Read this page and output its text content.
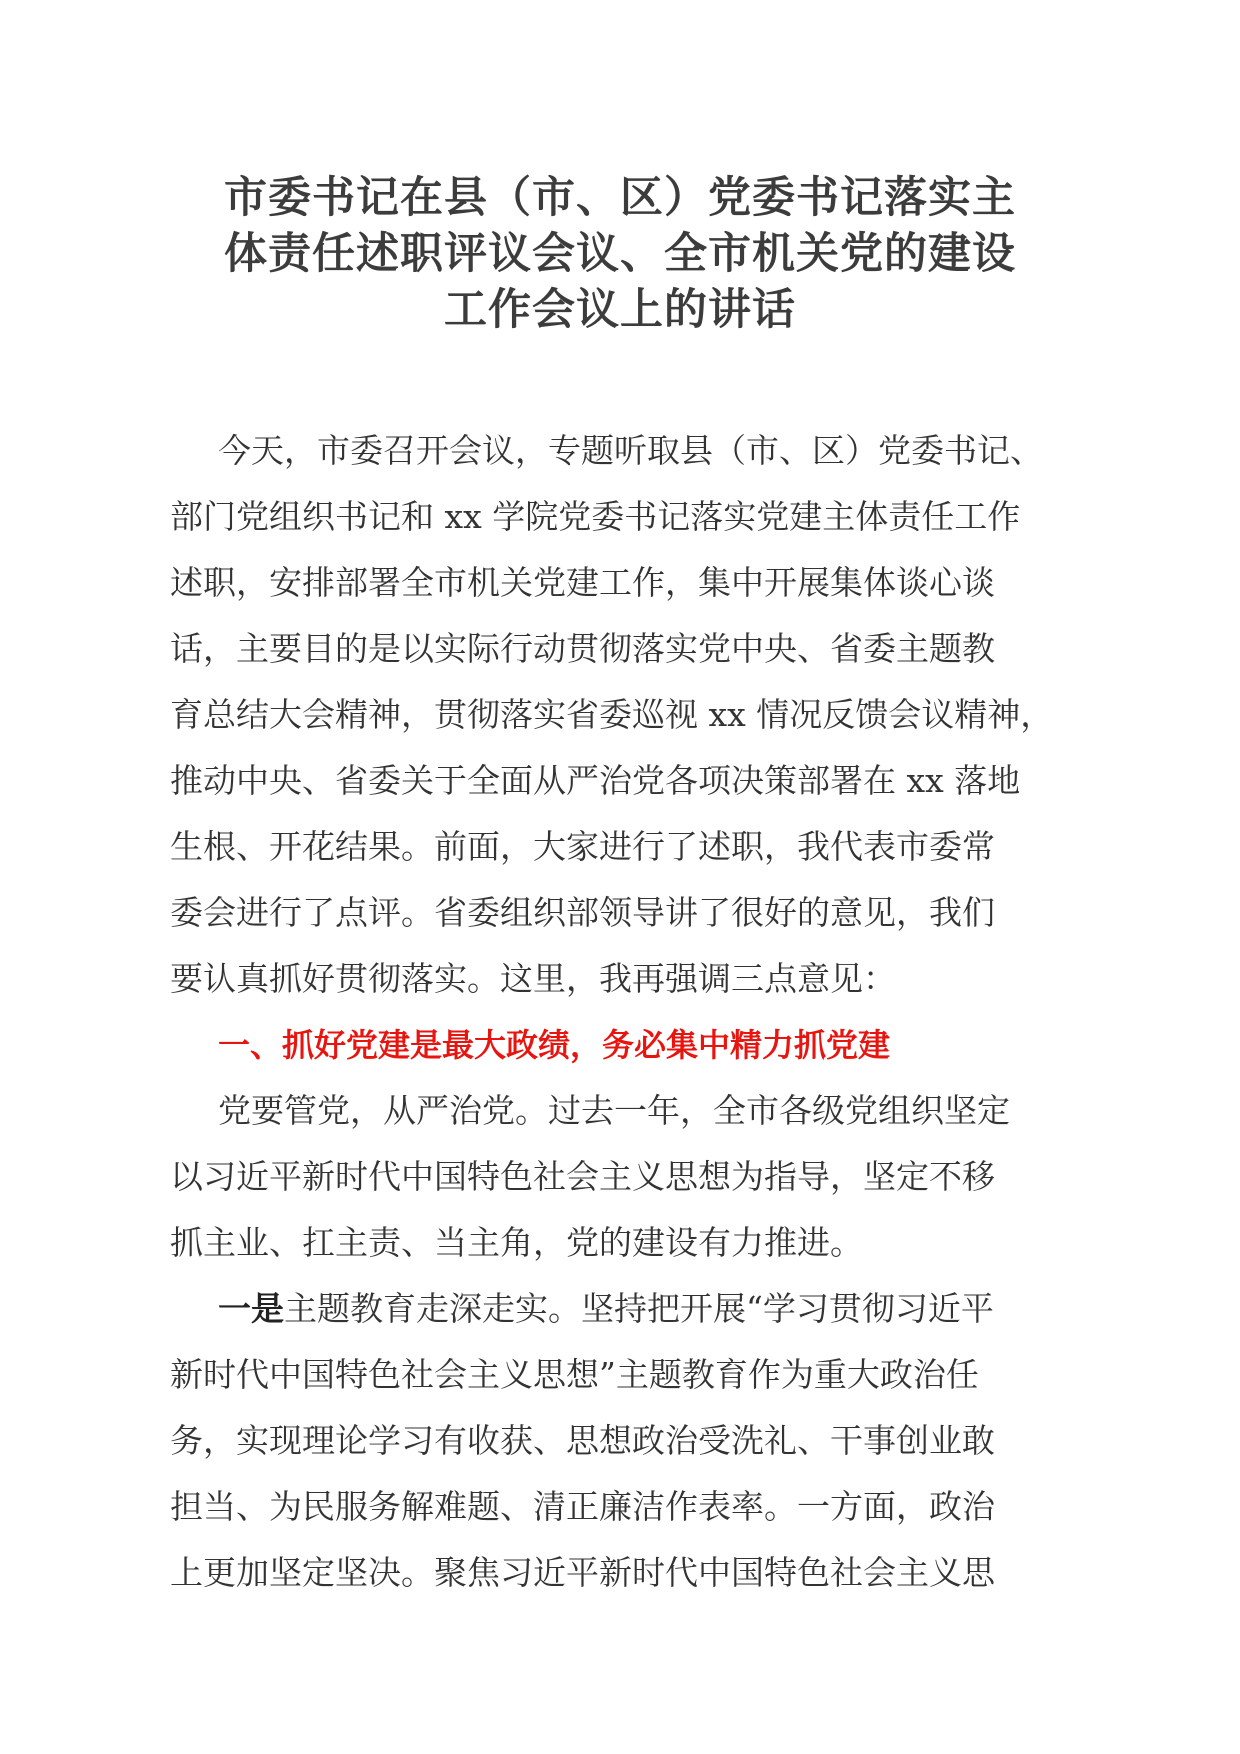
市委书记在县（市、区）党委书记落实主
体责任述职评议会议、全市机关党的建设
工作会议上的讲话
今天，市委召开会议，专题听取县（市、区）党委书记、
部门党组织书记和 xx 学院党委书记落实党建主体责任工作
述职，安排部署全市机关党建工作，集中开展集体谈心谈
话，主要目的是以实际行动贯彻落实党中央、省委主题教
育总结大会精神，贯彻落实省委巡视 xx 情况反馈会议精神，
推动中央、省委关于全面从严治党各项决策部署在 xx 落地
生根、开花结果。前面，大家进行了述职，我代表市委常
委会进行了点评。省委组织部领导讲了很好的意见，我们
要认真抓好贯彻落实。这里，我再强调三点意见：
一、抓好党建是最大政绩，务必集中精力抓党建
党要管党，从严治党。过去一年，全市各级党组织坚定
以习近平新时代中国特色社会主义思想为指导，坚定不移
抓主业、扛主责、当主角，党的建设有力推进。
一是主题教育走深走实。坚持把开展“学习贯彻习近平
新时代中国特色社会主义思想”主题教育作为重大政治任
务，实现理论学习有收获、思想政治受洗礼、干事创业敢
担当、为民服务解难题、清正廉洁作表率。一方面，政治
上更加坚定坚决。聚焦习近平新时代中国特色社会主义思
